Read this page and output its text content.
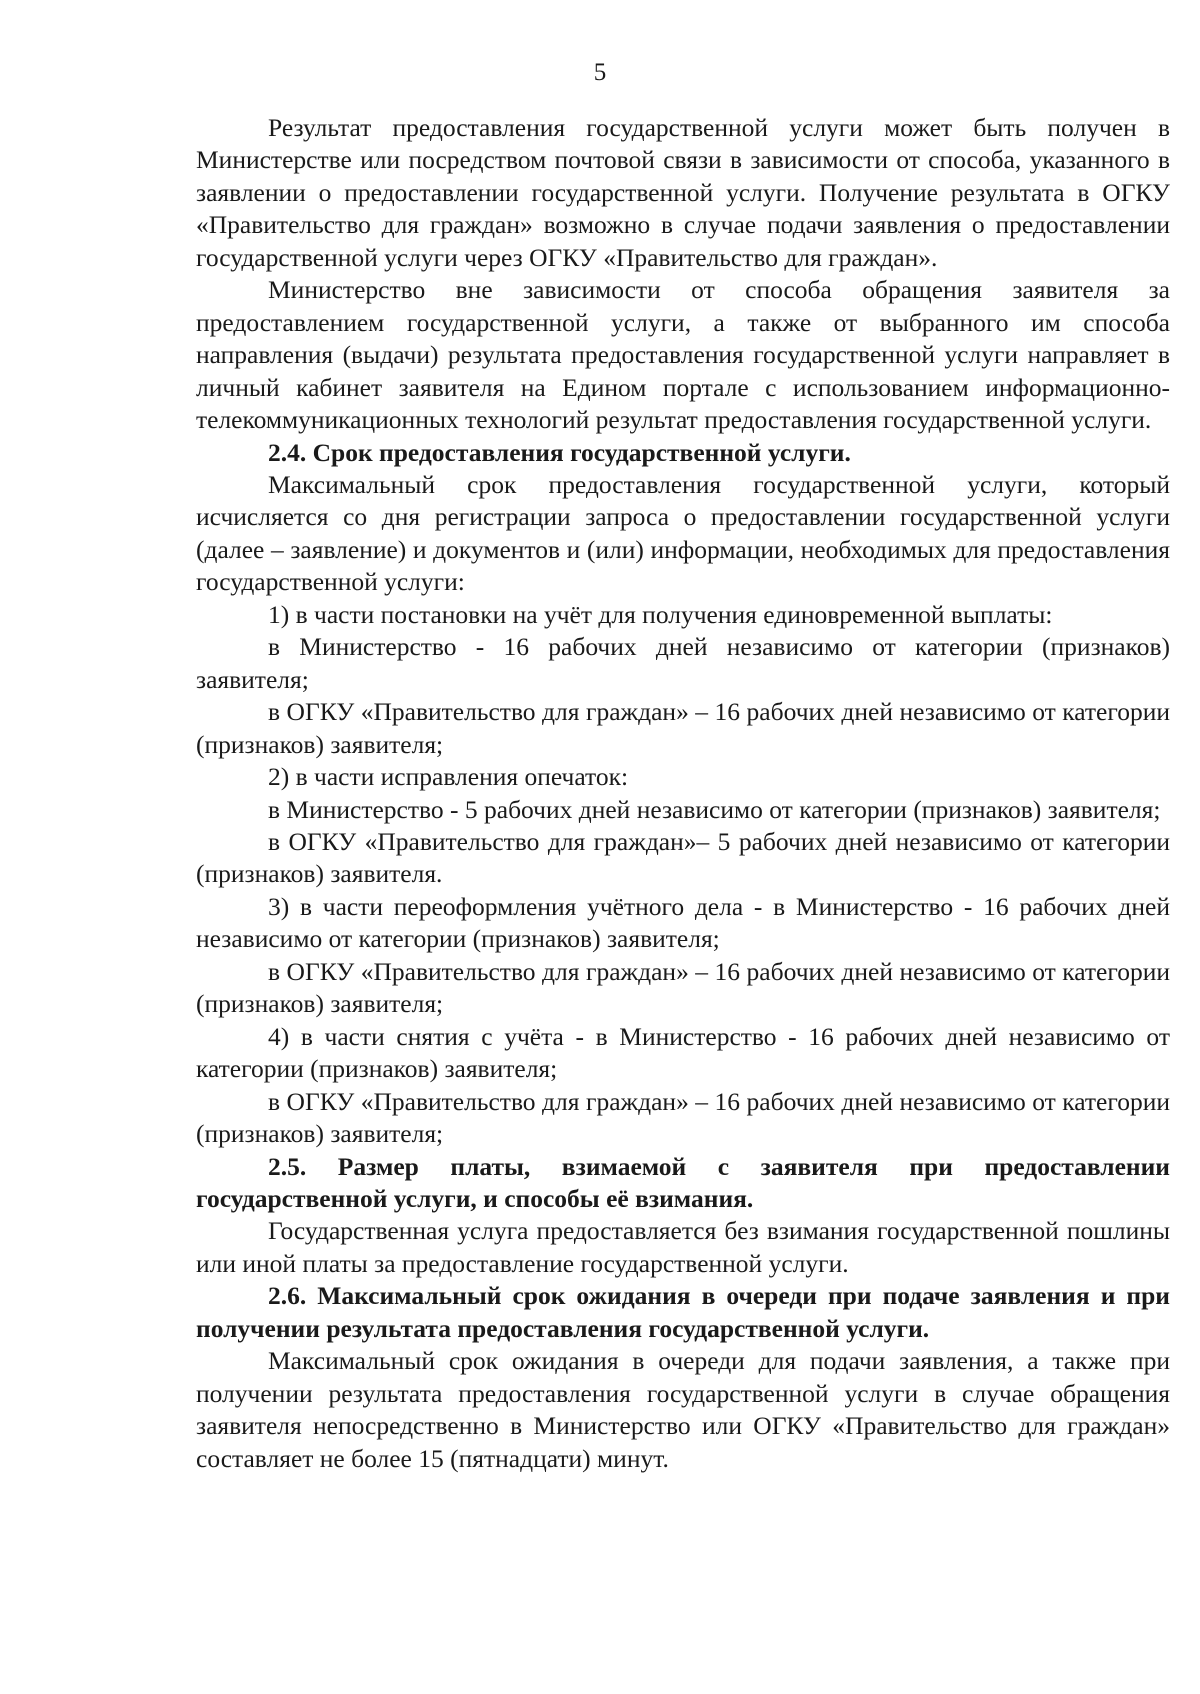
5

Результат предоставления государственной услуги может быть получен в Министерстве или посредством почтовой связи в зависимости от способа, указанного в заявлении о предоставлении государственной услуги. Получение результата в ОГКУ «Правительство для граждан» возможно в случае подачи заявления о предоставлении государственной услуги через ОГКУ «Правительство для граждан».

Министерство вне зависимости от способа обращения заявителя за предоставлением государственной услуги, а также от выбранного им способа направления (выдачи) результата предоставления государственной услуги направляет в личный кабинет заявителя на Едином портале с использованием информационно-телекоммуникационных технологий результат предоставления государственной услуги.

2.4. Срок предоставления государственной услуги.

Максимальный срок предоставления государственной услуги, который исчисляется со дня регистрации запроса о предоставлении государственной услуги (далее – заявление) и документов и (или) информации, необходимых для предоставления государственной услуги:

1) в части постановки на учёт для получения единовременной выплаты:

в Министерство - 16 рабочих дней независимо от категории (признаков) заявителя;

в ОГКУ «Правительство для граждан» – 16 рабочих дней независимо от категории (признаков) заявителя;

2) в части исправления опечаток:

в Министерство - 5 рабочих дней независимо от категории (признаков) заявителя;

в ОГКУ «Правительство для граждан»– 5 рабочих дней независимо от категории (признаков) заявителя.

3) в части переоформления учётного дела - в Министерство - 16 рабочих дней независимо от категории (признаков) заявителя;

в ОГКУ «Правительство для граждан» – 16 рабочих дней независимо от категории (признаков) заявителя;

4) в части снятия с учёта - в Министерство - 16 рабочих дней независимо от категории (признаков) заявителя;

в ОГКУ «Правительство для граждан» – 16 рабочих дней независимо от категории (признаков) заявителя;

2.5. Размер платы, взимаемой с заявителя при предоставлении государственной услуги, и способы её взимания.

Государственная услуга предоставляется без взимания государственной пошлины или иной платы за предоставление государственной услуги.

2.6. Максимальный срок ожидания в очереди при подаче заявления и при получении результата предоставления государственной услуги.

Максимальный срок ожидания в очереди для подачи заявления, а также при получении результата предоставления государственной услуги в случае обращения заявителя непосредственно в Министерство или ОГКУ «Правительство для граждан» составляет не более 15 (пятнадцати) минут.
